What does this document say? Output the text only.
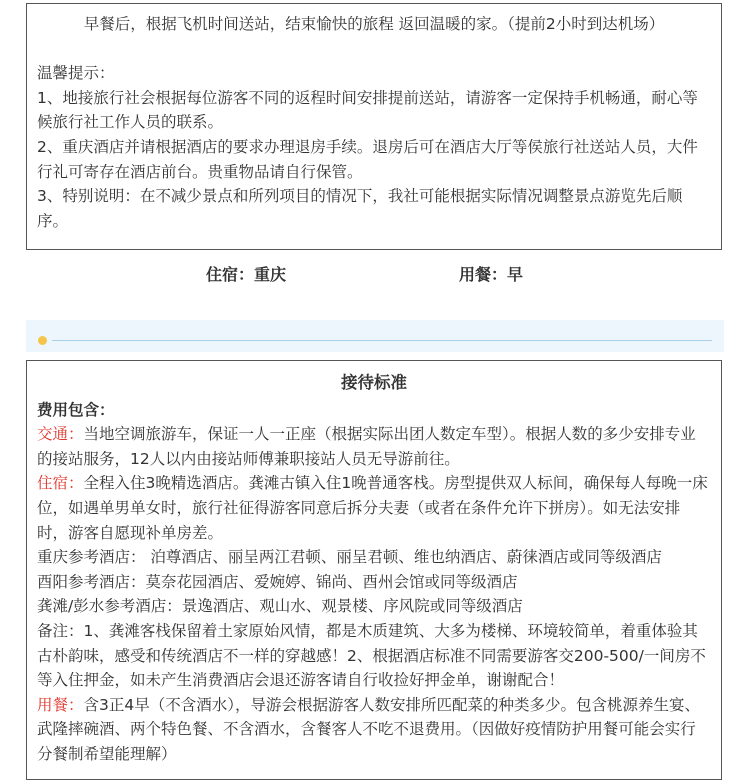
早餐后，根据飞机时间送站，结束愉快的旅程 返回温暖的家。（提前2小时到达机场）

温馨提示：

1、地接旅行社会根据每位游客不同的返程时间安排提前送站，请游客一定保持手机畅通，耐心等候旅行社工作人员的联系。

2、重庆酒店并请根据酒店的要求办理退房手续。退房后可在酒店大厅等侯旅行社送站人员，大件行礼可寄存在酒店前台。贵重物品请自行保管。

3、特别说明：在不减少景点和所列项目的情况下，我社可能根据实际情况调整景点游览先后顺序。

住宿：重庆	用餐：早

接待标准

费用包含：

交通：当地空调旅游车，保证一人一正座（根据实际出团人数定车型）。根据人数的多少安排专业的接站服务，12人以内由接站师傅兼职接站人员无导游前往。

住宿：全程入住3晚精选酒店。龚滩古镇入住1晚普通客栈。房型提供双人标间，确保每人每晚一床位，如遇单男单女时，旅行社征得游客同意后拆分夫妻（或者在条件允许下拼房）。如无法安排时，游客自愿现补单房差。

重庆参考酒店： 泊尊酒店、丽呈两江君顿、丽呈君顿、维也纳酒店、蔚徕酒店或同等级酒店

酉阳参考酒店：莫奈花园酒店、爱婉婷、锦尚、酉州会馆或同等级酒店

龚滩/彭水参考酒店：景逸酒店、观山水、观景楼、序风院或同等级酒店

备注：1、龚滩客栈保留着土家原始风情，都是木质建筑、大多为楼梯、环境较简单，着重体验其古朴韵味，感受和传统酒店不一样的穿越感！2、根据酒店标准不同需要游客交200-500/一间房不等入住押金，如未产生消费酒店会退还游客请自行收捡好押金单，谢谢配合！

用餐：含3正4早（不含酒水），导游会根据游客人数安排所匹配菜的种类多少。包含桃源养生宴、武隆摔碗酒、两个特色餐、不含酒水，含餐客人不吃不退费用。（因做好疫情防护用餐可能会实行分餐制希望能理解）
